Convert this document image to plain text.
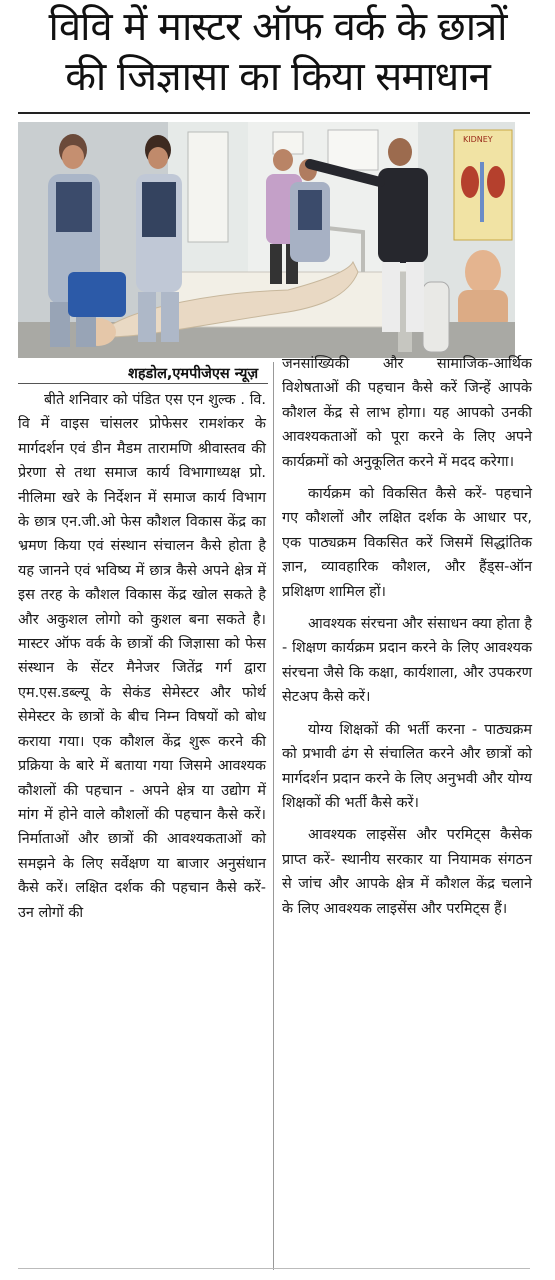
विवि में मास्टर ऑफ वर्क के छात्रों
की जिज्ञासा का किया समाधान
KIDNEY
शहडोल,एमपीजेएस न्यूज़

बीते शनिवार को पंडित एस एन शुल्क . वि. वि में वाइस चांसलर प्रोफेसर रामशंकर के मार्गदर्शन एवं डीन मैडम तारामणि श्रीवास्तव की प्रेरणा से तथा समाज कार्य विभागाध्यक्ष प्रो. नीलिमा खरे के निर्देशन में समाज कार्य विभाग के छात्र एन.जी.ओ फेस कौशल विकास केंद्र का भ्रमण किया एवं संस्थान संचालन कैसे होता है यह जानने एवं भविष्य में छात्र कैसे अपने क्षेत्र में इस तरह के कौशल विकास केंद्र खोल सकते है और अकुशल लोगो को कुशल बना सकते है। मास्टर ऑफ वर्क के छात्रों की जिज्ञासा को फेस संस्थान के सेंटर मैनेजर जितेंद्र गर्ग द्वारा एम.एस.डब्ल्यू के सेकंड सेमेस्टर और फोर्थ सेमेस्टर के छात्रों के बीच निम्न विषयों को बोध कराया गया। एक कौशल केंद्र शुरू करने की प्रक्रिया के बारे में बताया गया जिसमे आवश्यक कौशलों की पहचान - अपने क्षेत्र या उद्योग में मांग में होने वाले कौशलों की पहचान कैसे करें। निर्माताओं और छात्रों की आवश्यकताओं को समझने के लिए सर्वेक्षण या बाजार अनुसंधान कैसे करें। लक्षित दर्शक की पहचान कैसे करें- उन लोगों की

जनसांख्यिकी और सामाजिक-आर्थिक विशेषताओं की पहचान कैसे करें जिन्हें आपके कौशल केंद्र से लाभ होगा। यह आपको उनकी आवश्यकताओं को पूरा करने के लिए अपने कार्यक्रमों को अनुकूलित करने में मदद करेगा।

कार्यक्रम को विकसित कैसे करें- पहचाने गए कौशलों और लक्षित दर्शक के आधार पर, एक पाठ्यक्रम विकसित करें जिसमें सिद्धांतिक ज्ञान, व्यावहारिक कौशल, और हैंड्स-ऑन प्रशिक्षण शामिल हों।

आवश्यक संरचना और संसाधन क्या होता है - शिक्षण कार्यक्रम प्रदान करने के लिए आवश्यक संरचना जैसे कि कक्षा, कार्यशाला, और उपकरण सेटअप कैसे करें।

योग्य शिक्षकों की भर्ती करना - पाठ्यक्रम को प्रभावी ढंग से संचालित करने और छात्रों को मार्गदर्शन प्रदान करने के लिए अनुभवी और योग्य शिक्षकों की भर्ती कैसे करें।

आवश्यक लाइसेंस और परमिट्स कैसेक प्राप्त करें- स्थानीय सरकार या नियामक संगठन से जांच और आपके क्षेत्र में कौशल केंद्र चलाने के लिए आवश्यक लाइसेंस और परमिट्स हैं।
